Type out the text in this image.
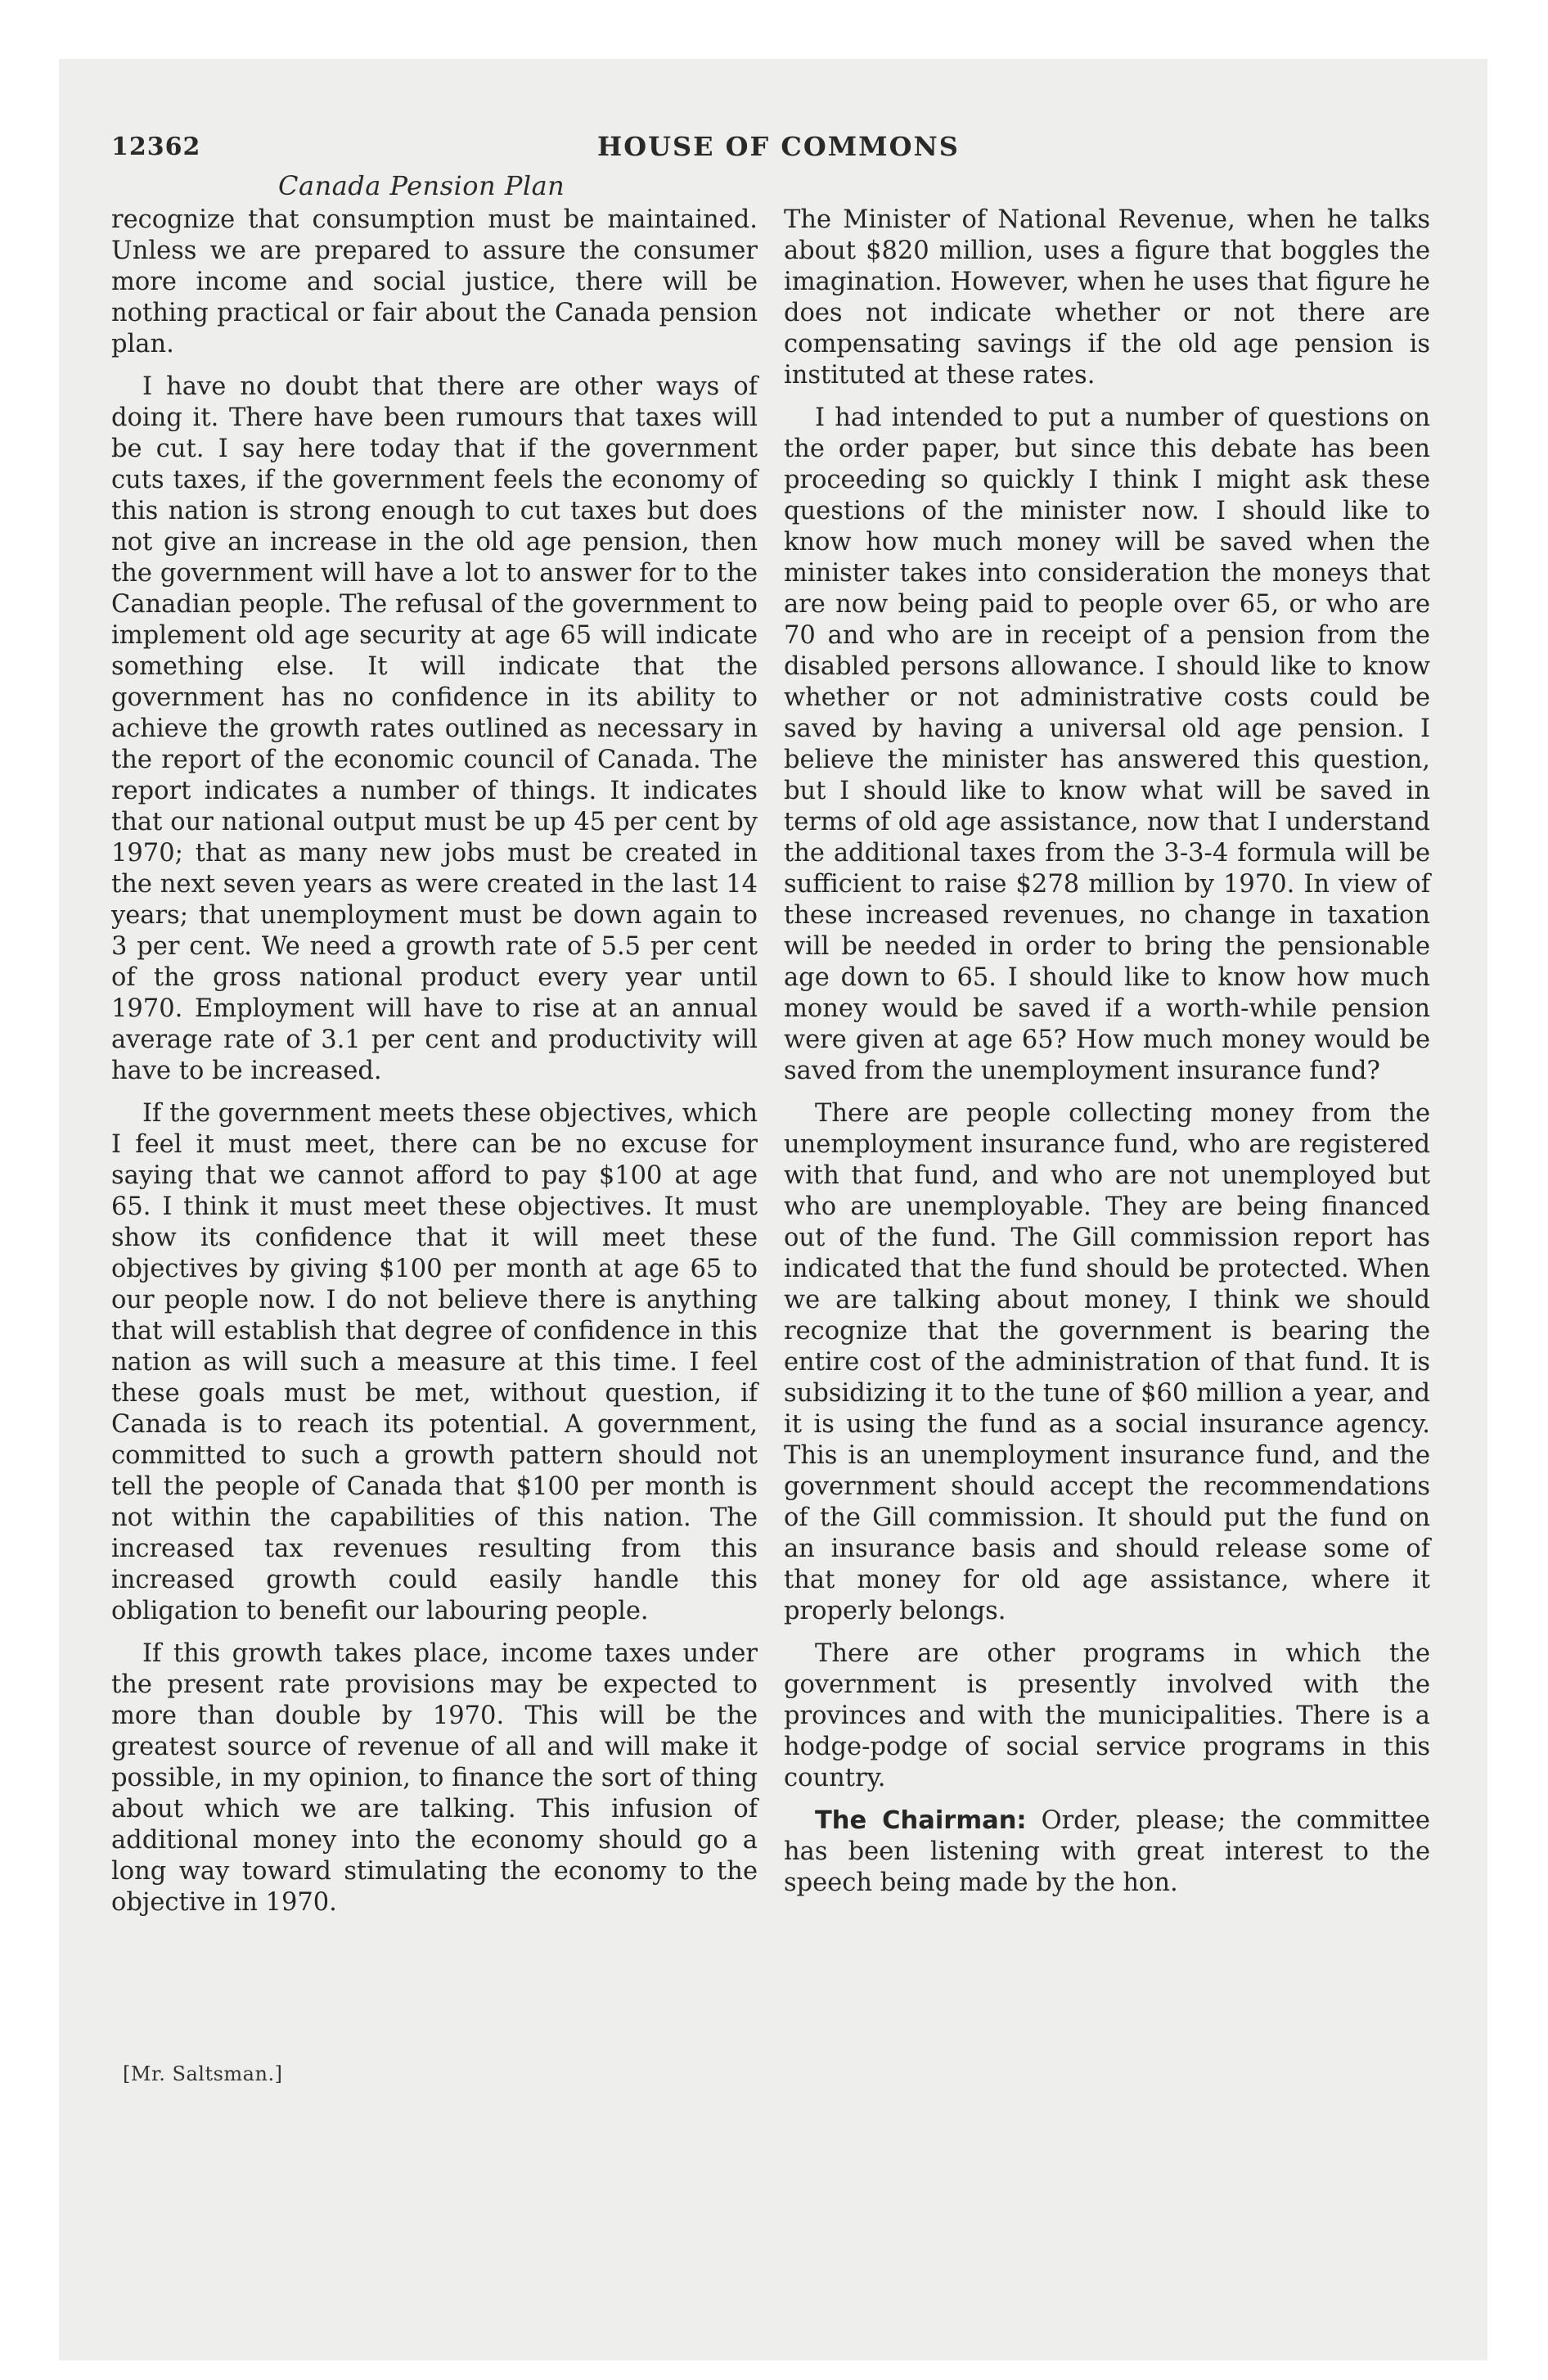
12362	HOUSE OF COMMONS
Canada Pension Plan

recognize that consumption must be maintained. Unless we are prepared to assure the consumer more income and social justice, there will be nothing practical or fair about the Canada pension plan.

I have no doubt that there are other ways of doing it. There have been rumours that taxes will be cut. I say here today that if the government cuts taxes, if the government feels the economy of this nation is strong enough to cut taxes but does not give an increase in the old age pension, then the government will have a lot to answer for to the Canadian people. The refusal of the government to implement old age security at age 65 will indicate something else. It will indicate that the government has no confidence in its ability to achieve the growth rates outlined as necessary in the report of the economic council of Canada. The report indicates a number of things. It indicates that our national output must be up 45 per cent by 1970; that as many new jobs must be created in the next seven years as were created in the last 14 years; that unemployment must be down again to 3 per cent. We need a growth rate of 5.5 per cent of the gross national product every year until 1970. Employment will have to rise at an annual average rate of 3.1 per cent and productivity will have to be increased.

If the government meets these objectives, which I feel it must meet, there can be no excuse for saying that we cannot afford to pay $100 at age 65. I think it must meet these objectives. It must show its confidence that it will meet these objectives by giving $100 per month at age 65 to our people now. I do not believe there is anything that will establish that degree of confidence in this nation as will such a measure at this time. I feel these goals must be met, without question, if Canada is to reach its potential. A government, committed to such a growth pattern should not tell the people of Canada that $100 per month is not within the capabilities of this nation. The increased tax revenues resulting from this increased growth could easily handle this obligation to benefit our labouring people.

If this growth takes place, income taxes under the present rate provisions may be expected to more than double by 1970. This will be the greatest source of revenue of all and will make it possible, in my opinion, to finance the sort of thing about which we are talking. This infusion of additional money into the economy should go a long way toward stimulating the economy to the objective in 1970.

[Mr. Saltsman.]

The Minister of National Revenue, when he talks about $820 million, uses a figure that boggles the imagination. However, when he uses that figure he does not indicate whether or not there are compensating savings if the old age pension is instituted at these rates.

I had intended to put a number of questions on the order paper, but since this debate has been proceeding so quickly I think I might ask these questions of the minister now. I should like to know how much money will be saved when the minister takes into consideration the moneys that are now being paid to people over 65, or who are 70 and who are in receipt of a pension from the disabled persons allowance. I should like to know whether or not administrative costs could be saved by having a universal old age pension. I believe the minister has answered this question, but I should like to know what will be saved in terms of old age assistance, now that I understand the additional taxes from the 3-3-4 formula will be sufficient to raise $278 million by 1970. In view of these increased revenues, no change in taxation will be needed in order to bring the pensionable age down to 65. I should like to know how much money would be saved if a worth-while pension were given at age 65? How much money would be saved from the unemployment insurance fund?

There are people collecting money from the unemployment insurance fund, who are registered with that fund, and who are not unemployed but who are unemployable. They are being financed out of the fund. The Gill commission report has indicated that the fund should be protected. When we are talking about money, I think we should recognize that the government is bearing the entire cost of the administration of that fund. It is subsidizing it to the tune of $60 million a year, and it is using the fund as a social insurance agency. This is an unemployment insurance fund, and the government should accept the recommendations of the Gill commission. It should put the fund on an insurance basis and should release some of that money for old age assistance, where it properly belongs.

There are other programs in which the government is presently involved with the provinces and with the municipalities. There is a hodge-podge of social service programs in this country.

The Chairman: Order, please; the committee has been listening with great interest to the speech being made by the hon.
